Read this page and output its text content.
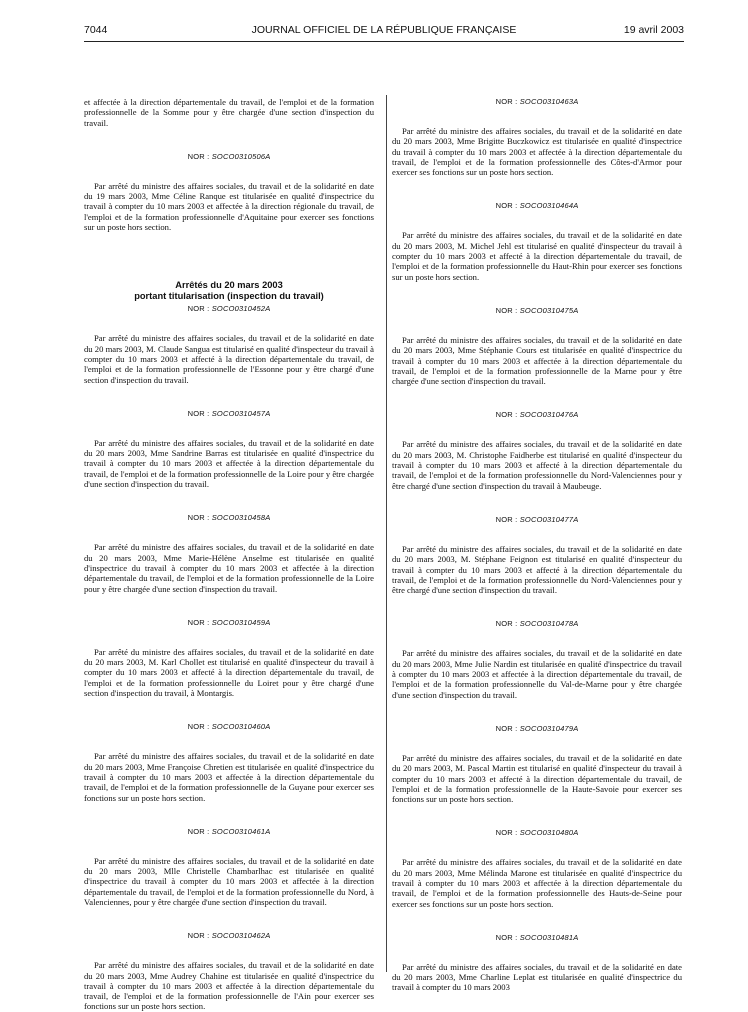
7044	JOURNAL OFFICIEL DE LA RÉPUBLIQUE FRANÇAISE	19 avril 2003

et affectée à la direction départementale du travail, de l'emploi et de la formation professionnelle de la Somme pour y être chargée d'une section d'inspection du travail.

NOR : SOCO0310506A

Par arrêté du ministre des affaires sociales, du travail et de la solidarité en date du 19 mars 2003, Mme Céline Ranque est titularisée en qualité d'inspectrice du travail à compter du 10 mars 2003 et affectée à la direction régionale du travail, de l'emploi et de la formation professionnelle d'Aquitaine pour exercer ses fonctions sur un poste hors section.

Arrêtés du 20 mars 2003
portant titularisation (inspection du travail)
NOR : SOCO0310452A

Par arrêté du ministre des affaires sociales, du travail et de la solidarité en date du 20 mars 2003, M. Claude Sangua est titularisé en qualité d'inspecteur du travail à compter du 10 mars 2003 et affecté à la direction départementale du travail, de l'emploi et de la formation professionnelle de l'Essonne pour y être chargé d'une section d'inspection du travail.

NOR : SOCO0310457A

Par arrêté du ministre des affaires sociales, du travail et de la solidarité en date du 20 mars 2003, Mme Sandrine Barras est titularisée en qualité d'inspectrice du travail à compter du 10 mars 2003 et affectée à la direction départementale du travail, de l'emploi et de la formation professionnelle de la Loire pour y être chargée d'une section d'inspection du travail.

NOR : SOCO0310458A

Par arrêté du ministre des affaires sociales, du travail et de la solidarité en date du 20 mars 2003, Mme Marie-Hélène Anselme est titularisée en qualité d'inspectrice du travail à compter du 10 mars 2003 et affectée à la direction départementale du travail, de l'emploi et de la formation professionnelle de la Loire pour y être chargée d'une section d'inspection du travail.

NOR : SOCO0310459A

Par arrêté du ministre des affaires sociales, du travail et de la solidarité en date du 20 mars 2003, M. Karl Chollet est titularisé en qualité d'inspecteur du travail à compter du 10 mars 2003 et affecté à la direction départementale du travail, de l'emploi et de la formation professionnelle du Loiret pour y être chargé d'une section d'inspection du travail, à Montargis.

NOR : SOCO0310460A

Par arrêté du ministre des affaires sociales, du travail et de la solidarité en date du 20 mars 2003, Mme Françoise Chretien est titularisée en qualité d'inspectrice du travail à compter du 10 mars 2003 et affectée à la direction départementale du travail, de l'emploi et de la formation professionnelle de la Guyane pour exercer ses fonctions sur un poste hors section.

NOR : SOCO0310461A

Par arrêté du ministre des affaires sociales, du travail et de la solidarité en date du 20 mars 2003, Mlle Christelle Chambarlhac est titularisée en qualité d'inspectrice du travail à compter du 10 mars 2003 et affectée à la direction départementale du travail, de l'emploi et de la formation professionnelle du Nord, à Valenciennes, pour y être chargée d'une section d'inspection du travail.

NOR : SOCO0310462A

Par arrêté du ministre des affaires sociales, du travail et de la solidarité en date du 20 mars 2003, Mme Audrey Chahine est titularisée en qualité d'inspectrice du travail à compter du 10 mars 2003 et affectée à la direction départementale du travail, de l'emploi et de la formation professionnelle de l'Ain pour exercer ses fonctions sur un poste hors section.

NOR : SOCO0310463A

Par arrêté du ministre des affaires sociales, du travail et de la solidarité en date du 20 mars 2003, Mme Brigitte Buczkowicz est titularisée en qualité d'inspectrice du travail à compter du 10 mars 2003 et affectée à la direction départementale du travail, de l'emploi et de la formation professionnelle des Côtes-d'Armor pour exercer ses fonctions sur un poste hors section.

NOR : SOCO0310464A

Par arrêté du ministre des affaires sociales, du travail et de la solidarité en date du 20 mars 2003, M. Michel Jehl est titularisé en qualité d'inspecteur du travail à compter du 10 mars 2003 et affecté à la direction départementale du travail, de l'emploi et de la formation professionnelle du Haut-Rhin pour exercer ses fonctions sur un poste hors section.

NOR : SOCO0310475A

Par arrêté du ministre des affaires sociales, du travail et de la solidarité en date du 20 mars 2003, Mme Stéphanie Cours est titularisée en qualité d'inspectrice du travail à compter du 10 mars 2003 et affectée à la direction départementale du travail, de l'emploi et de la formation professionnelle de la Marne pour y être chargée d'une section d'inspection du travail.

NOR : SOCO0310476A

Par arrêté du ministre des affaires sociales, du travail et de la solidarité en date du 20 mars 2003, M. Christophe Faidherbe est titularisé en qualité d'inspecteur du travail à compter du 10 mars 2003 et affecté à la direction départementale du travail, de l'emploi et de la formation professionnelle du Nord-Valenciennes pour y être chargé d'une section d'inspection du travail à Maubeuge.

NOR : SOCO0310477A

Par arrêté du ministre des affaires sociales, du travail et de la solidarité en date du 20 mars 2003, M. Stéphane Feignon est titularisé en qualité d'inspecteur du travail à compter du 10 mars 2003 et affecté à la direction départementale du travail, de l'emploi et de la formation professionnelle du Nord-Valenciennes pour y être chargé d'une section d'inspection du travail.

NOR : SOCO0310478A

Par arrêté du ministre des affaires sociales, du travail et de la solidarité en date du 20 mars 2003, Mme Julie Nardin est titularisée en qualité d'inspectrice du travail à compter du 10 mars 2003 et affectée à la direction départementale du travail, de l'emploi et de la formation professionnelle du Val-de-Marne pour y être chargée d'une section d'inspection du travail.

NOR : SOCO0310479A

Par arrêté du ministre des affaires sociales, du travail et de la solidarité en date du 20 mars 2003, M. Pascal Martin est titularisé en qualité d'inspecteur du travail à compter du 10 mars 2003 et affecté à la direction départementale du travail, de l'emploi et de la formation professionnelle de la Haute-Savoie pour exercer ses fonctions sur un poste hors section.

NOR : SOCO0310480A

Par arrêté du ministre des affaires sociales, du travail et de la solidarité en date du 20 mars 2003, Mme Mélinda Marone est titularisée en qualité d'inspectrice du travail à compter du 10 mars 2003 et affectée à la direction départementale du travail, de l'emploi et de la formation professionnelle des Hauts-de-Seine pour exercer ses fonctions sur un poste hors section.

NOR : SOCO0310481A

Par arrêté du ministre des affaires sociales, du travail et de la solidarité en date du 20 mars 2003, Mme Charline Leplat est titularisée en qualité d'inspectrice du travail à compter du 10 mars 2003
